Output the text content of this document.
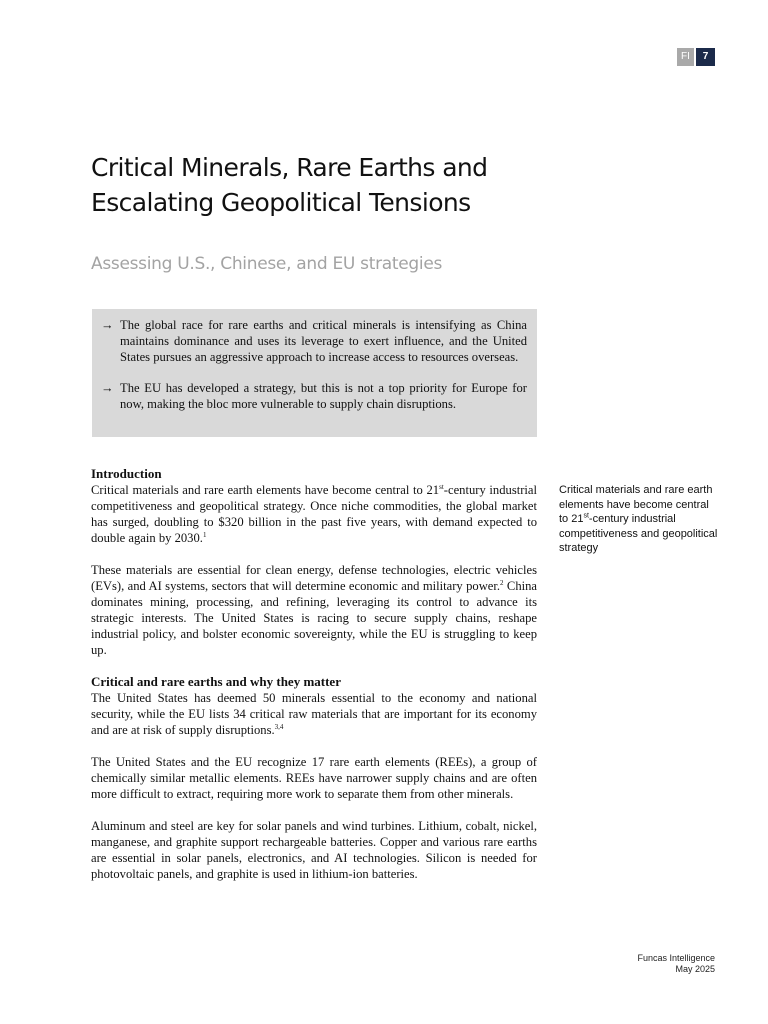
FI	7
Critical Minerals, Rare Earths and
Escalating Geopolitical Tensions
Assessing U.S., Chinese, and EU strategies
→ The global race for rare earths and critical minerals is intensifying as China maintains dominance and uses its leverage to exert influence, and the United States pursues an aggressive approach to increase access to resources overseas.
→ The EU has developed a strategy, but this is not a top priority for Europe for now, making the bloc more vulnerable to supply chain disruptions.
Introduction

Critical materials and rare earth elements have become central to 21st-century industrial competitiveness and geopolitical strategy. Once niche commodities, the global market has surged, doubling to $320 billion in the past five years, with demand expected to double again by 2030.$^1$

These materials are essential for clean energy, defense technologies, electric vehicles (EVs), and AI systems, sectors that will determine economic and military power.$^2$ China dominates mining, processing, and refining, leveraging its control to advance its strategic interests. The United States is racing to secure supply chains, reshape industrial policy, and bolster economic sovereignty, while the EU is struggling to keep up.

Critical and rare earths and why they matter

The United States has deemed 50 minerals essential to the economy and national security, while the EU lists 34 critical raw materials that are important for its economy and are at risk of supply disruptions.$^{3,4}$

The United States and the EU recognize 17 rare earth elements (REEs), a group of chemically similar metallic elements. REEs have narrower supply chains and are often more difficult to extract, requiring more work to separate them from other minerals.

Aluminum and steel are key for solar panels and wind turbines. Lithium, cobalt, nickel, manganese, and graphite support rechargeable batteries. Copper and various rare earths are essential in solar panels, electronics, and AI technologies. Silicon is needed for photovoltaic panels, and graphite is used in lithium-ion batteries.

Critical materials and rare earth elements have become central to 21st-century industrial competitiveness and geopolitical strategy
Funcas Intelligence
May 2025
